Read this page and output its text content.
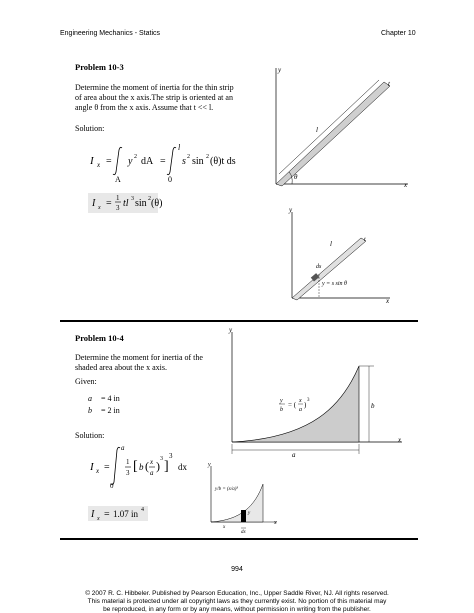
Engineering Mechanics - Statics	Chapter 10
Problem 10-3
Determine the moment of inertia for the thin strip
of area about the x axis.The strip is oriented at an
angle θ from the x axis. Assume that t << l.
Solution:
I x =
A
y 2 dA =
l
0
s 2 sin 2 (θ)t ds
I x = 1
3 tl 3 sin 2 (θ)
y
x
l
t
θ
y
x
ds
l	t
y = s sin θ
Problem 10-4
Determine the moment for inertia of the
shaded area about the x axis.
Given:
a = 4 in
b = 2 in
Solution:
I x =
a
0
1
3 [ b ( x
a ) 3 ]
3
dx
I x = 1.07 in 4
y
x
b
a
y
b
= ( x
a
)
3
y
x
y
y/b = (x/a)³
dx
x
994
© 2007 R. C. Hibbeler. Published by Pearson Education, Inc., Upper Saddle River, NJ. All rights reserved.
This material is protected under all copyright laws as they currently exist. No portion of this material may
be reproduced, in any form or by any means, without permission in writing from the publisher.
